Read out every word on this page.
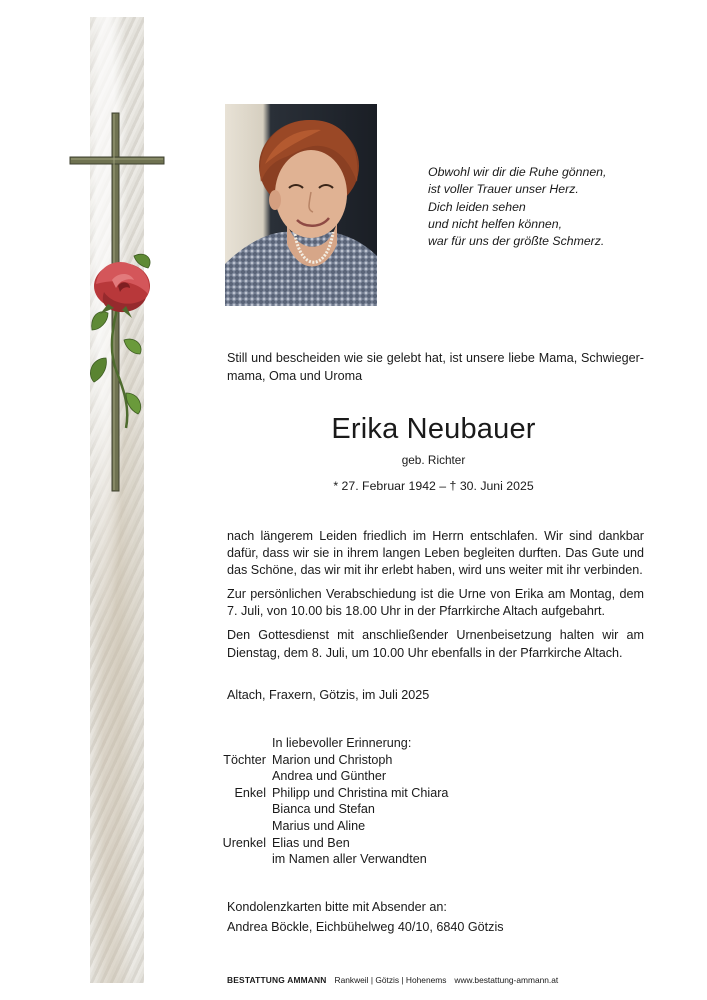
Obwohl wir dir die Ruhe gönnen,
ist voller Trauer unser Herz.
Dich leiden sehen
und nicht helfen können,
war für uns der größte Schmerz.
Still und bescheiden wie sie gelebt hat, ist unsere liebe Mama, Schwieger-mama, Oma und Uroma
Erika Neubauer
geb. Richter
* 27. Februar 1942 – † 30. Juni 2025

nach längerem Leiden friedlich im Herrn entschlafen. Wir sind dankbar dafür, dass wir sie in ihrem langen Leben begleiten durften. Das Gute und das Schöne, das wir mit ihr erlebt haben, wird uns weiter mit ihr verbinden.

Zur persönlichen Verabschiedung ist die Urne von Erika am Montag, dem 7. Juli, von 10.00 bis 18.00 Uhr in der Pfarrkirche Altach aufgebahrt.

Den Gottesdienst mit anschließender Urnenbeisetzung halten wir am Dienstag, dem 8. Juli, um 10.00 Uhr ebenfalls in der Pfarrkirche Altach.

Altach, Fraxern, Götzis, im Juli 2025
In liebevoller Erinnerung:
Töchter Marion und Christoph
Andrea und Günther
Enkel Philipp und Christina mit Chiara
Bianca und Stefan
Marius und Aline
Urenkel Elias und Ben
im Namen aller Verwandten
Kondolenzkarten bitte mit Absender an:
Andrea Böckle, Eichbühelweg 40/10, 6840 Götzis
BESTATTUNG AMMANN Rankweil | Götzis | Hohenems www.bestattung-ammann.at
